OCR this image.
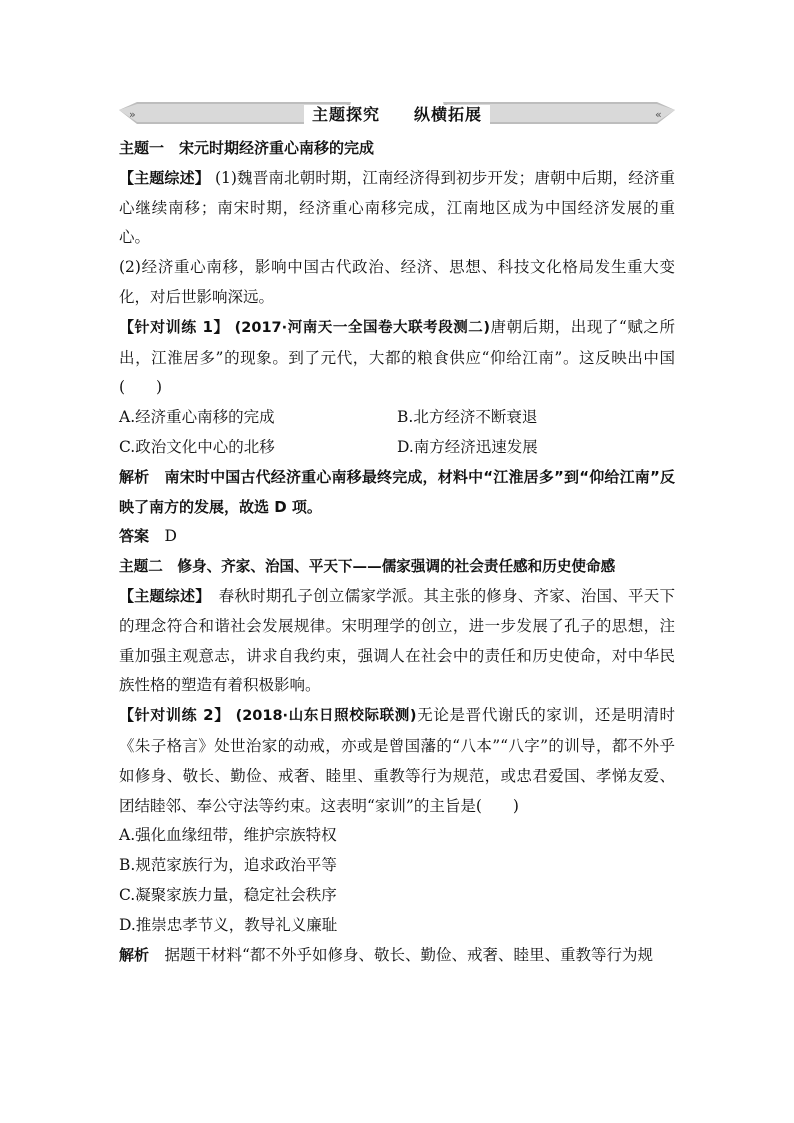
»	«
主题探究 纵横拓展

主题一　宋元时期经济重心南移的完成

【主题综述】 (1)魏晋南北朝时期，江南经济得到初步开发；唐朝中后期，经济重心继续南移；南宋时期，经济重心南移完成，江南地区成为中国经济发展的重心。

(2)经济重心南移，影响中国古代政治、经济、思想、科技文化格局发生重大变化，对后世影响深远。

【针对训练 1】 (2017·河南天一全国卷大联考段测二)唐朝后期，出现了“赋之所出，江淮居多”的现象。到了元代，大都的粮食供应“仰给江南”。这反映出中国(　　)

A.经济重心南移的完成	B.北方经济不断衰退
C.政治文化中心的北移	D.南方经济迅速发展

解析　南宋时中国古代经济重心南移最终完成，材料中“江淮居多”到“仰给江南”反映了南方的发展，故选 D 项。

答案　D

主题二　修身、齐家、治国、平天下——儒家强调的社会责任感和历史使命感

【主题综述】　春秋时期孔子创立儒家学派。其主张的修身、齐家、治国、平天下的理念符合和谐社会发展规律。宋明理学的创立，进一步发展了孔子的思想，注重加强主观意志，讲求自我约束，强调人在社会中的责任和历史使命，对中华民族性格的塑造有着积极影响。

【针对训练 2】 (2018·山东日照校际联测)无论是晋代谢氏的家训，还是明清时《朱子格言》处世治家的动戒，亦或是曾国藩的“八本”“八字”的训导，都不外乎如修身、敬长、勤俭、戒奢、睦里、重教等行为规范，或忠君爱国、孝悌友爱、团结睦邻、奉公守法等约束。这表明“家训”的主旨是(　　)

A.强化血缘纽带，维护宗族特权

B.规范家族行为，追求政治平等

C.凝聚家族力量，稳定社会秩序

D.推崇忠孝节义，教导礼义廉耻

解析　据题干材料“都不外乎如修身、敬长、勤俭、戒奢、睦里、重教等行为规
